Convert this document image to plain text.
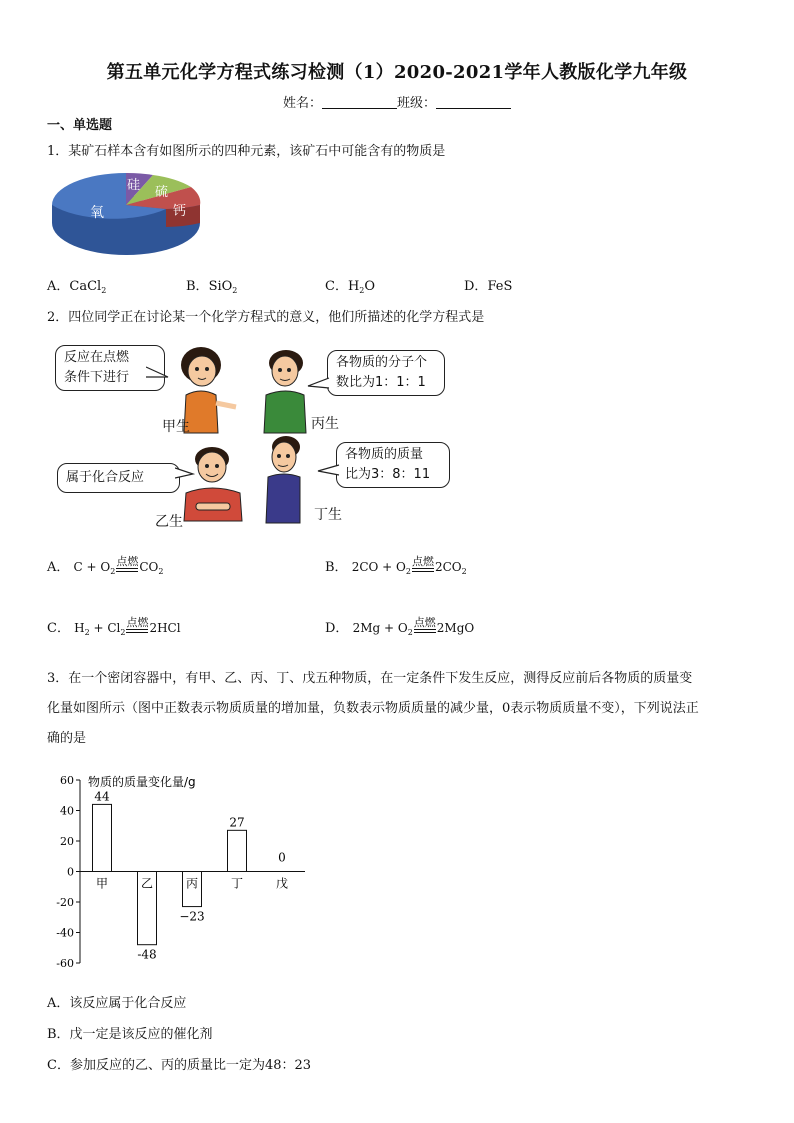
第五单元化学方程式练习检测（1）2020-2021学年人教版化学九年级
姓名：	班级：
一、单选题
1．某矿石样本含有如图所示的四种元素，该矿石中可能含有的物质是
氧
硅 硫
钙
A．CaCl$_2$	B．SiO$_2$	C．$H_2O$	D．FeS
2．四位同学正在讨论某一个化学方程式的意义，他们所描述的化学方程式是
反应在点燃
条件下进行
各物质的分子个
数比为1：1：1
属于化合反应
各物质的质量
比为3：8：11
甲生	丙生
乙生	丁生
A． $C + O_2$点燃
$CO_2$	B． $2CO + O_2$点燃
$2CO_2$
C． $H_2 + Cl_2$点燃
2HCl	D． $2Mg + O_2$点燃
2MgO
3．在一个密闭容器中，有甲、乙、丙、丁、戊五种物质，在一定条件下发生反应，测得反应前后各物质的质量变
化量如图所示（图中正数表示物质质量的增加量，负数表示物质质量的减少量，0表示物质质量不变），下列说法正
确的是
60
40
20
0
-20
-40
-60
甲
44
乙
-48
丙
−23
丁
27
戊
0
物质的质量变化量/g
A．该反应属于化合反应
B．戊一定是该反应的催化剂
C．参加反应的乙、丙的质量比一定为48：23
